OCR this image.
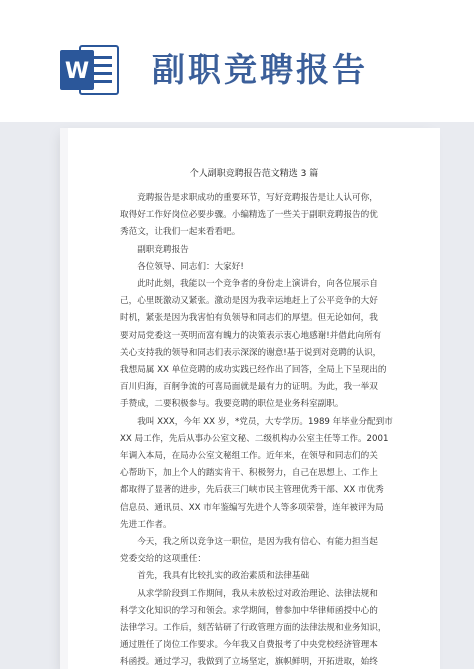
W 副职竞聘报告
个人副职竞聘报告范文精选 3 篇
　　竞聘报告是求职成功的重要环节，写好竞聘报告是让人认可你，
取得好工作好岗位必要步骤。小编精选了一些关于副职竞聘报告的优
秀范文，让我们一起来看看吧。
　　副职竞聘报告
　　各位领导、同志们：大家好!
　　此时此刻，我能以一个竞争者的身份走上演讲台，向各位展示自
己，心里既激动又紧张。激动是因为我幸运地赶上了公平竞争的大好
时机，紧张是因为我害怕有负领导和同志们的厚望。但无论如何，我
要对局党委这一英明而富有魄力的决策表示衷心地感谢!并借此向所有
关心支持我的领导和同志们表示深深的谢意!基于说到对竞聘的认识，
我想局属 XX 单位竞聘的成功实践已经作出了回答，全局上下呈现出的
百川归海，百舸争流的可喜局面就是最有力的证明。为此，我一举双
手赞成，二要积极参与。我要竞聘的职位是业务科室副职。
　　我叫 XXX，今年 XX 岁，*党员，大专学历。1989 年毕业分配到市
XX 局工作，先后从事办公室文秘、二级机构办公室主任等工作。2001
年调入本局，在局办公室文秘组工作。近年来，在领导和同志们的关
心帮助下，加上个人的踏实肯干、积极努力，自己在思想上、工作上
都取得了显著的进步，先后获三门峡市民主管理优秀干部、XX 市优秀
信息员、通讯员、XX 市年鉴编写先进个人等多项荣誉，连年被评为局
先进工作者。
　　今天，我之所以竞争这一职位，是因为我有信心、有能力担当起
党委交给的这项重任：
　　首先，我具有比较扎实的政治素质和法律基础
　　从求学阶段到工作期间，我从未放松过对政治理论、法律法规和
科学文化知识的学习和领会。求学期间，曾参加中华律师函授中心的
法律学习。工作后，刻苦钻研了行政管理方面的法律法规和业务知识，
通过胜任了岗位工作要求。今年我又自费报考了中央党校经济管理本
科函授。通过学习，我做到了立场坚定，旗帜鲜明，开拓进取，始终
